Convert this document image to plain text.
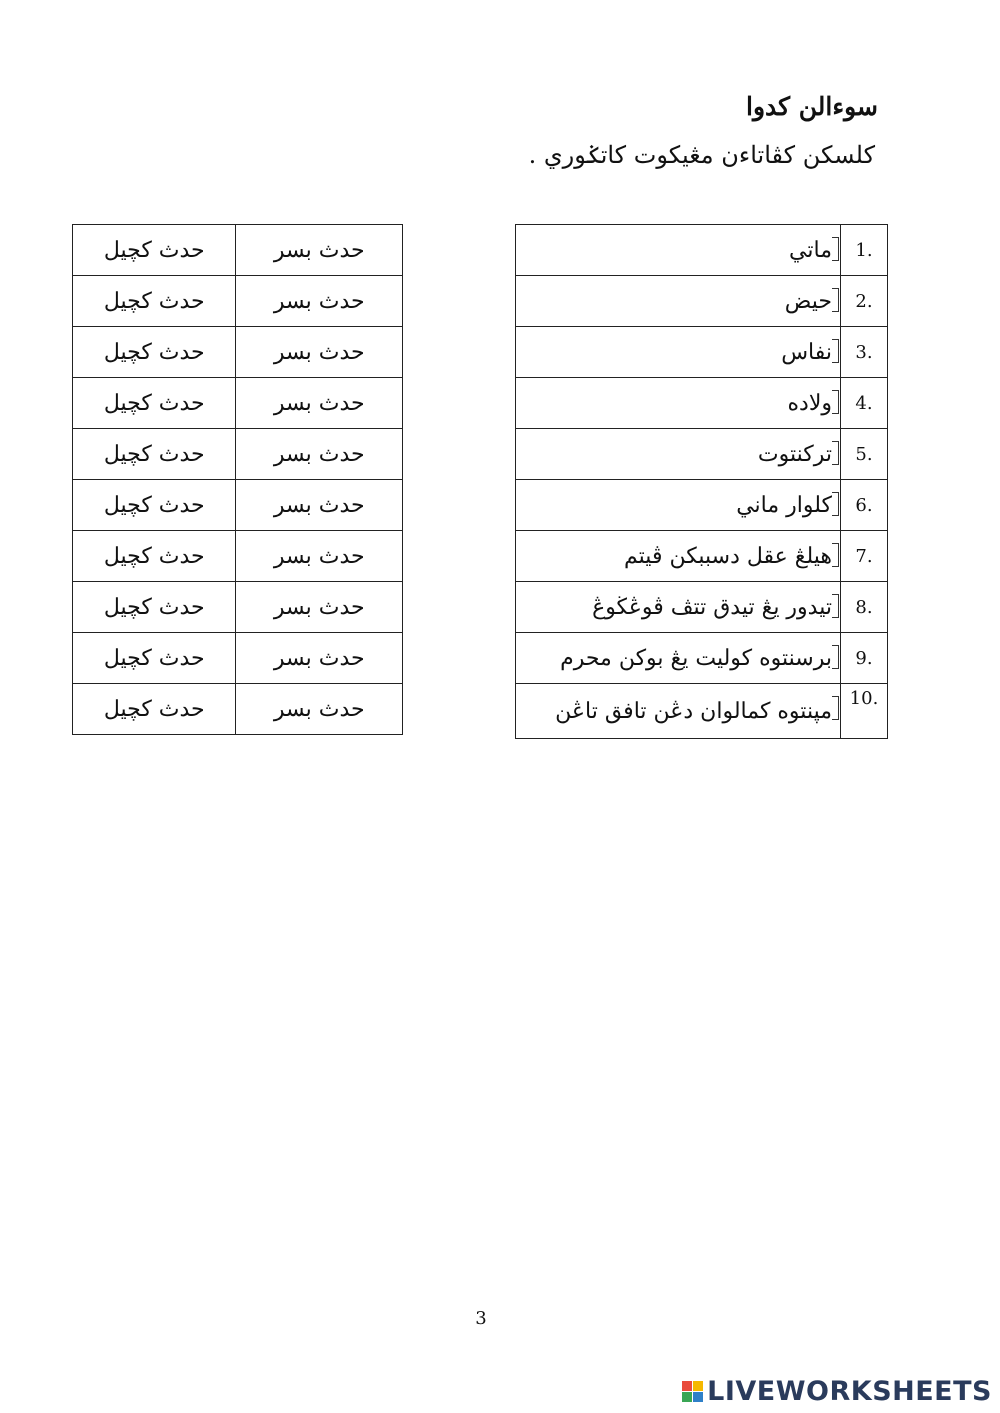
سوءالن كدوا
كلسكن كڤاتاءن مڠيكوت كاتݢوري .
حدث کچيل	حدث بسر
حدث کچيل	حدث بسر
حدث کچيل	حدث بسر
حدث کچيل	حدث بسر
حدث کچيل	حدث بسر
حدث کچيل	حدث بسر
حدث کچيل	حدث بسر
حدث کچيل	حدث بسر
حدث کچيل	حدث بسر
حدث کچيل	حدث بسر
ماتي	1.

حيض	2.

نفاس	3.

ولاده	4.

ترکنتوت	5.

كلوار ماني	6.

هيلڠ عقل دسببکن ڤيتم	7.

تيدور يڠ تيدق تتڤ ڤوڠڬوڠ	8.

برسنتوه كوليت يڠ بوكن محرم	9.

مپنتوه كمالوان دڠن تافق تاڠن	10.
3
LIVEWORKSHEETS
